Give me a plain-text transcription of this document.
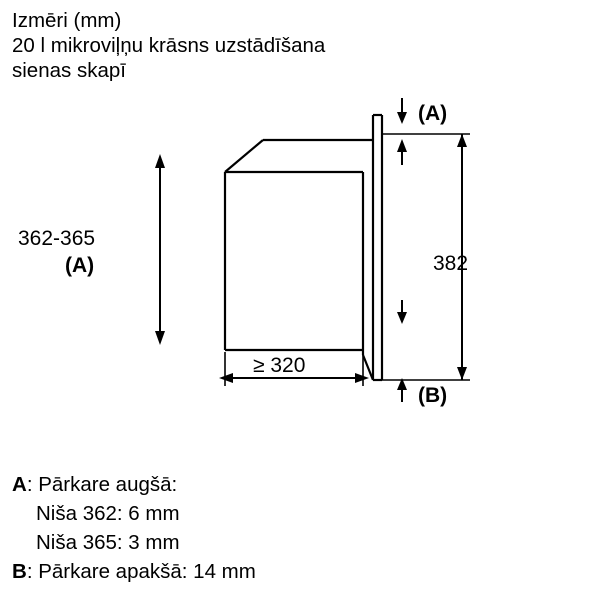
Izmēri (mm)
20 l mikroviļņu krāsns uzstādīšana
sienas skapī
(A)
382
(B)
362-365
(A)
≥ 320
A: Pārkare augšā:
Niša 362: 6 mm
Niša 365: 3 mm
B: Pārkare apakšā: 14 mm
